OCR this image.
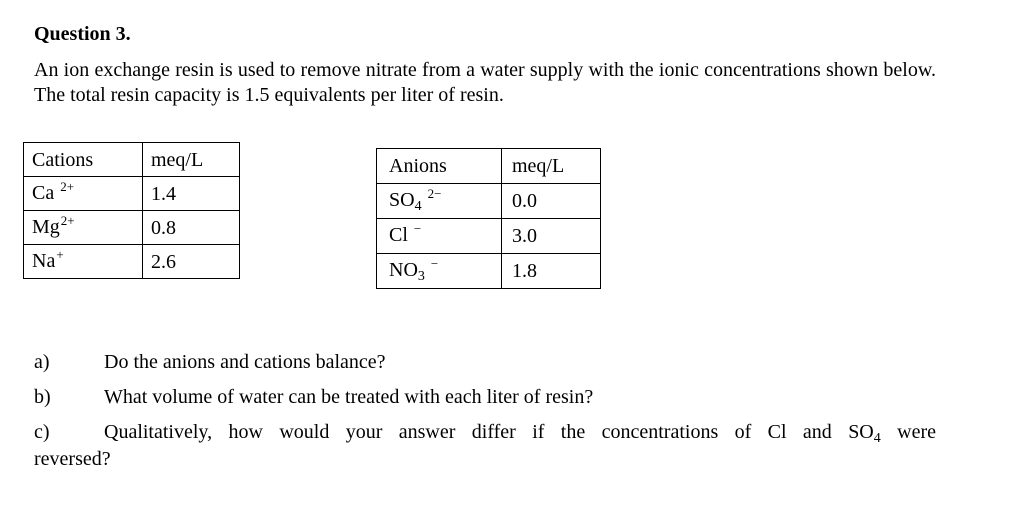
Question 3.
An ion exchange resin is used to remove nitrate from a water supply with the ionic concentrations shown below. The total resin capacity is 1.5 equivalents per liter of resin.
Cations	meq/L
Ca $^{2+}$	1.4
$Mg^{2+}$	0.8
Na+	2.6
Anions	meq/L
$SO_4$ $^{2-}$	0.0
Cl −	3.0
$NO_3$ −	1.8
a)	Do the anions and cations balance?
b)	What volume of water can be treated with each liter of resin?
c)	Qualitatively, how would your answer differ if the concentrations of Cl and $SO_4$ were
reversed?
